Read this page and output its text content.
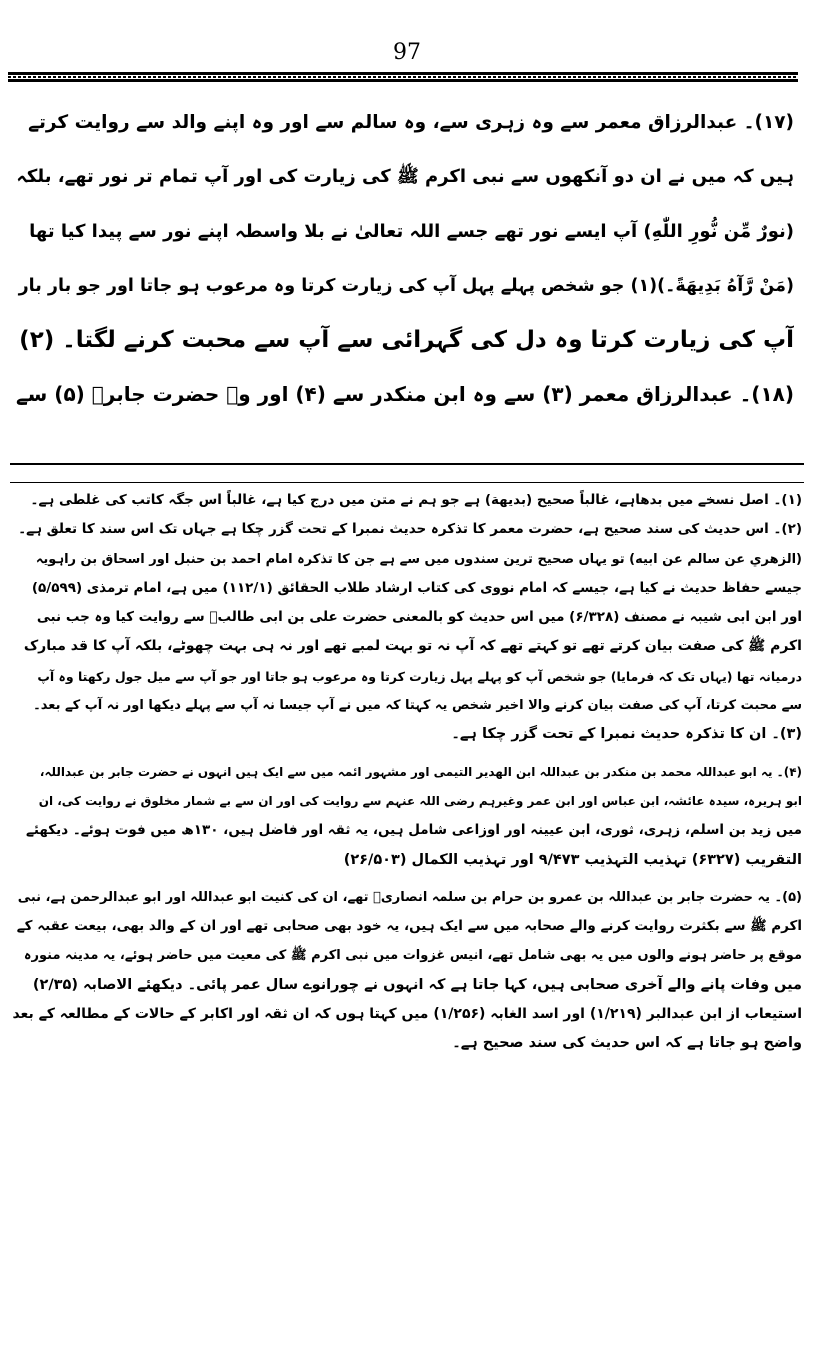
97
(۱۷)۔ عبدالرزاق معمر سے وہ زہری سے، وہ سالم سے اور وہ اپنے والد سے روایت کرتے
ہیں کہ میں نے ان دو آنکھوں سے نبی اکرم ﷺ کی زیارت کی اور آپ تمام تر نور تھے، بلکہ
(نورٌ مِّن نُّورِ اللّٰهِ) آپ ایسے نور تھے جسے اللہ تعالیٰ نے بلا واسطہ اپنے نور سے پیدا کیا تھا
(مَنْ رَّآهُ بَدِيهَةً۔)(۱) جو شخص پہلے پہل آپ کی زیارت کرتا وہ مرعوب ہو جاتا اور جو بار بار
آپ کی زیارت کرتا وہ دل کی گہرائی سے آپ سے محبت کرنے لگتا۔ (۲)
(۱۸)۔ عبدالرزاق معمر (۳) سے وہ ابن منکدر سے (۴) اور وہ حضرت جابرؓ (۵) سے
(۱)۔ اصل نسخے میں بدھاہے، غالباً صحیح (بدیھة) ہے جو ہم نے متن میں درج کیا ہے، غالباً اس جگہ کاتب کی غلطی ہے۔
(۲)۔ اس حدیث کی سند صحیح ہے، حضرت معمر کا تذکرہ حدیث نمبرا کے تحت گزر چکا ہے جہاں تک اس سند کا تعلق ہے۔
(الزهري عن سالم عن ابيه) تو یہاں صحیح ترین سندوں میں سے ہے جن کا تذکرہ امام احمد بن حنبل اور اسحاق بن راہویہ
جیسے حفاظ حدیث نے کیا ہے، جیسے کہ امام نووی کی کتاب ارشاد طلاب الحقائق (۱۱۲/۱) میں ہے، امام ترمذی (۵/۵۹۹)
اور ابن ابی شیبہ نے مصنف (۶/۳۲۸) میں اس حدیث کو بالمعنی حضرت علی بن ابی طالبؓ سے روایت کیا وہ جب نبی
اکرم ﷺ کی صفت بیان کرتے تھے تو کہتے تھے کہ آپ نہ تو بہت لمبے تھے اور نہ ہی بہت چھوٹے، بلکہ آپ کا قد مبارک
درمیانہ تھا (یہاں تک کہ فرمایا) جو شخص آپ کو پہلے پہل زیارت کرتا وہ مرعوب ہو جاتا اور جو آپ سے میل جول رکھتا وہ آپ
سے محبت کرتا، آپ کی صفت بیان کرنے والا اخیر شخص یہ کہتا کہ میں نے آپ جیسا نہ آپ سے پہلے دیکھا اور نہ آپ کے بعد۔
(۳)۔ ان کا تذکرہ حدیث نمبرا کے تحت گزر چکا ہے۔
(۴)۔ یہ ابو عبداللہ محمد بن منکدر بن عبداللہ ابن الهدیر التیمی اور مشہور ائمہ میں سے ایک ہیں انہوں نے حضرت جابر بن عبداللہ،
ابو ہریرہ، سیدہ عائشہ، ابن عباس اور ابن عمر وغیرہم رضی اللہ عنہم سے روایت کی اور ان سے بے شمار مخلوق نے روایت کی، ان
میں زید بن اسلم، زہری، ثوری، ابن عیینہ اور اوزاعی شامل ہیں، یہ ثقہ اور فاضل ہیں، ۱۳۰ھ میں فوت ہوئے۔ دیکھئے
التقریب (۶۳۲۷) تہذیب التہذیب ۹/۴۷۳ اور تہذیب الکمال (۲۶/۵۰۳)
(۵)۔ یہ حضرت جابر بن عبداللہ بن عمرو بن حرام بن سلمہ انصاریؓ تھے، ان کی کنیت ابو عبداللہ اور ابو عبدالرحمن ہے، نبی
اکرم ﷺ سے بکثرت روایت کرنے والے صحابہ میں سے ایک ہیں، یہ خود بھی صحابی تھے اور ان کے والد بھی، بیعت عقبہ کے
موقع پر حاضر ہونے والوں میں یہ بھی شامل تھے، انیس غزوات میں نبی اکرم ﷺ کی معیت میں حاضر ہوئے، یہ مدینہ منورہ
میں وفات پانے والے آخری صحابی ہیں، کہا جاتا ہے کہ انہوں نے چورانوے سال عمر پائی۔ دیکھئے الاصابہ (۲/۳۵)
استیعاب از ابن عبدالبر (۱/۲۱۹) اور اسد الغابہ (۱/۲۵۶) میں کہتا ہوں کہ ان ثقہ اور اکابر کے حالات کے مطالعہ کے بعد
واضح ہو جاتا ہے کہ اس حدیث کی سند صحیح ہے۔
